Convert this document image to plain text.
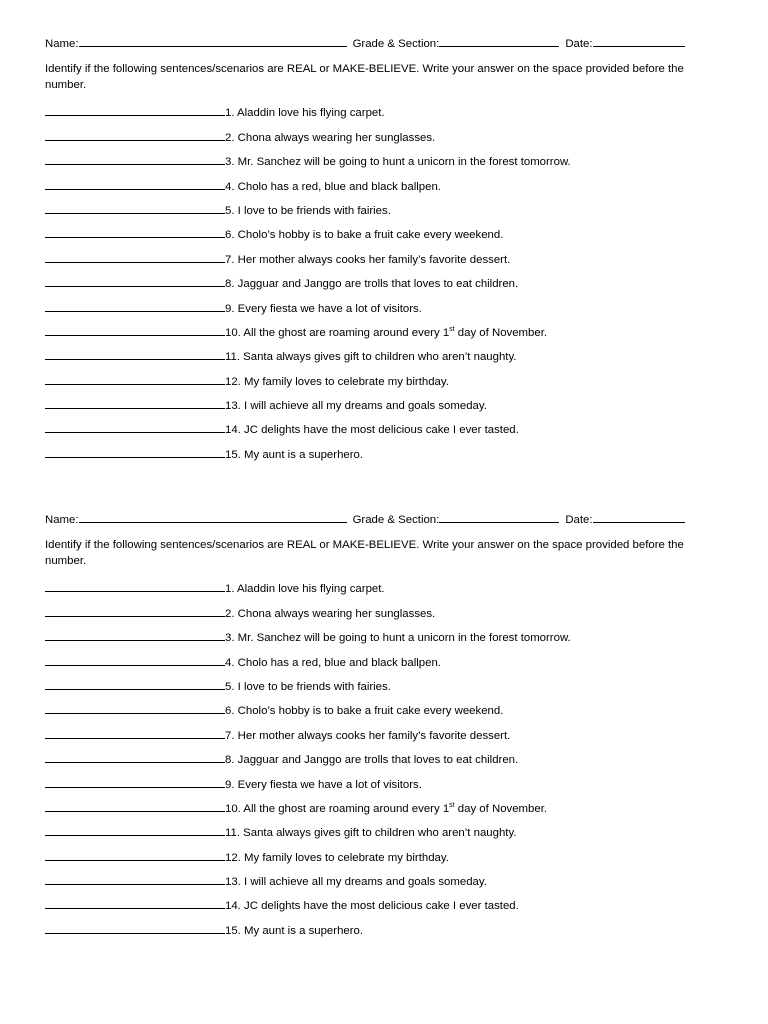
Name:	Grade & Section:	Date:

Identify if the following sentences/scenarios are REAL or MAKE-BELIEVE. Write your answer on the space provided before the number.

1. Aladdin love his flying carpet.
2. Chona always wearing her sunglasses.
3. Mr. Sanchez will be going to hunt a unicorn in the forest tomorrow.
4. Cholo has a red, blue and black ballpen.
5. I love to be friends with fairies.
6. Cholo’s hobby is to bake a fruit cake every weekend.
7. Her mother always cooks her family’s favorite dessert.
8. Jagguar and Janggo are trolls that loves to eat children.
9. Every fiesta we have a lot of visitors.
10. All the ghost are roaming around every 1st day of November.
11. Santa always gives gift to children who aren’t naughty.
12. My family loves to celebrate my birthday.
13. I will achieve all my dreams and goals someday.
14. JC delights have the most delicious cake I ever tasted.
15. My aunt is a superhero.
Name:	Grade & Section:	Date:

Identify if the following sentences/scenarios are REAL or MAKE-BELIEVE. Write your answer on the space provided before the number.

1. Aladdin love his flying carpet.
2. Chona always wearing her sunglasses.
3. Mr. Sanchez will be going to hunt a unicorn in the forest tomorrow.
4. Cholo has a red, blue and black ballpen.
5. I love to be friends with fairies.
6. Cholo’s hobby is to bake a fruit cake every weekend.
7. Her mother always cooks her family’s favorite dessert.
8. Jagguar and Janggo are trolls that loves to eat children.
9. Every fiesta we have a lot of visitors.
10. All the ghost are roaming around every 1st day of November.
11. Santa always gives gift to children who aren’t naughty.
12. My family loves to celebrate my birthday.
13. I will achieve all my dreams and goals someday.
14. JC delights have the most delicious cake I ever tasted.
15. My aunt is a superhero.
